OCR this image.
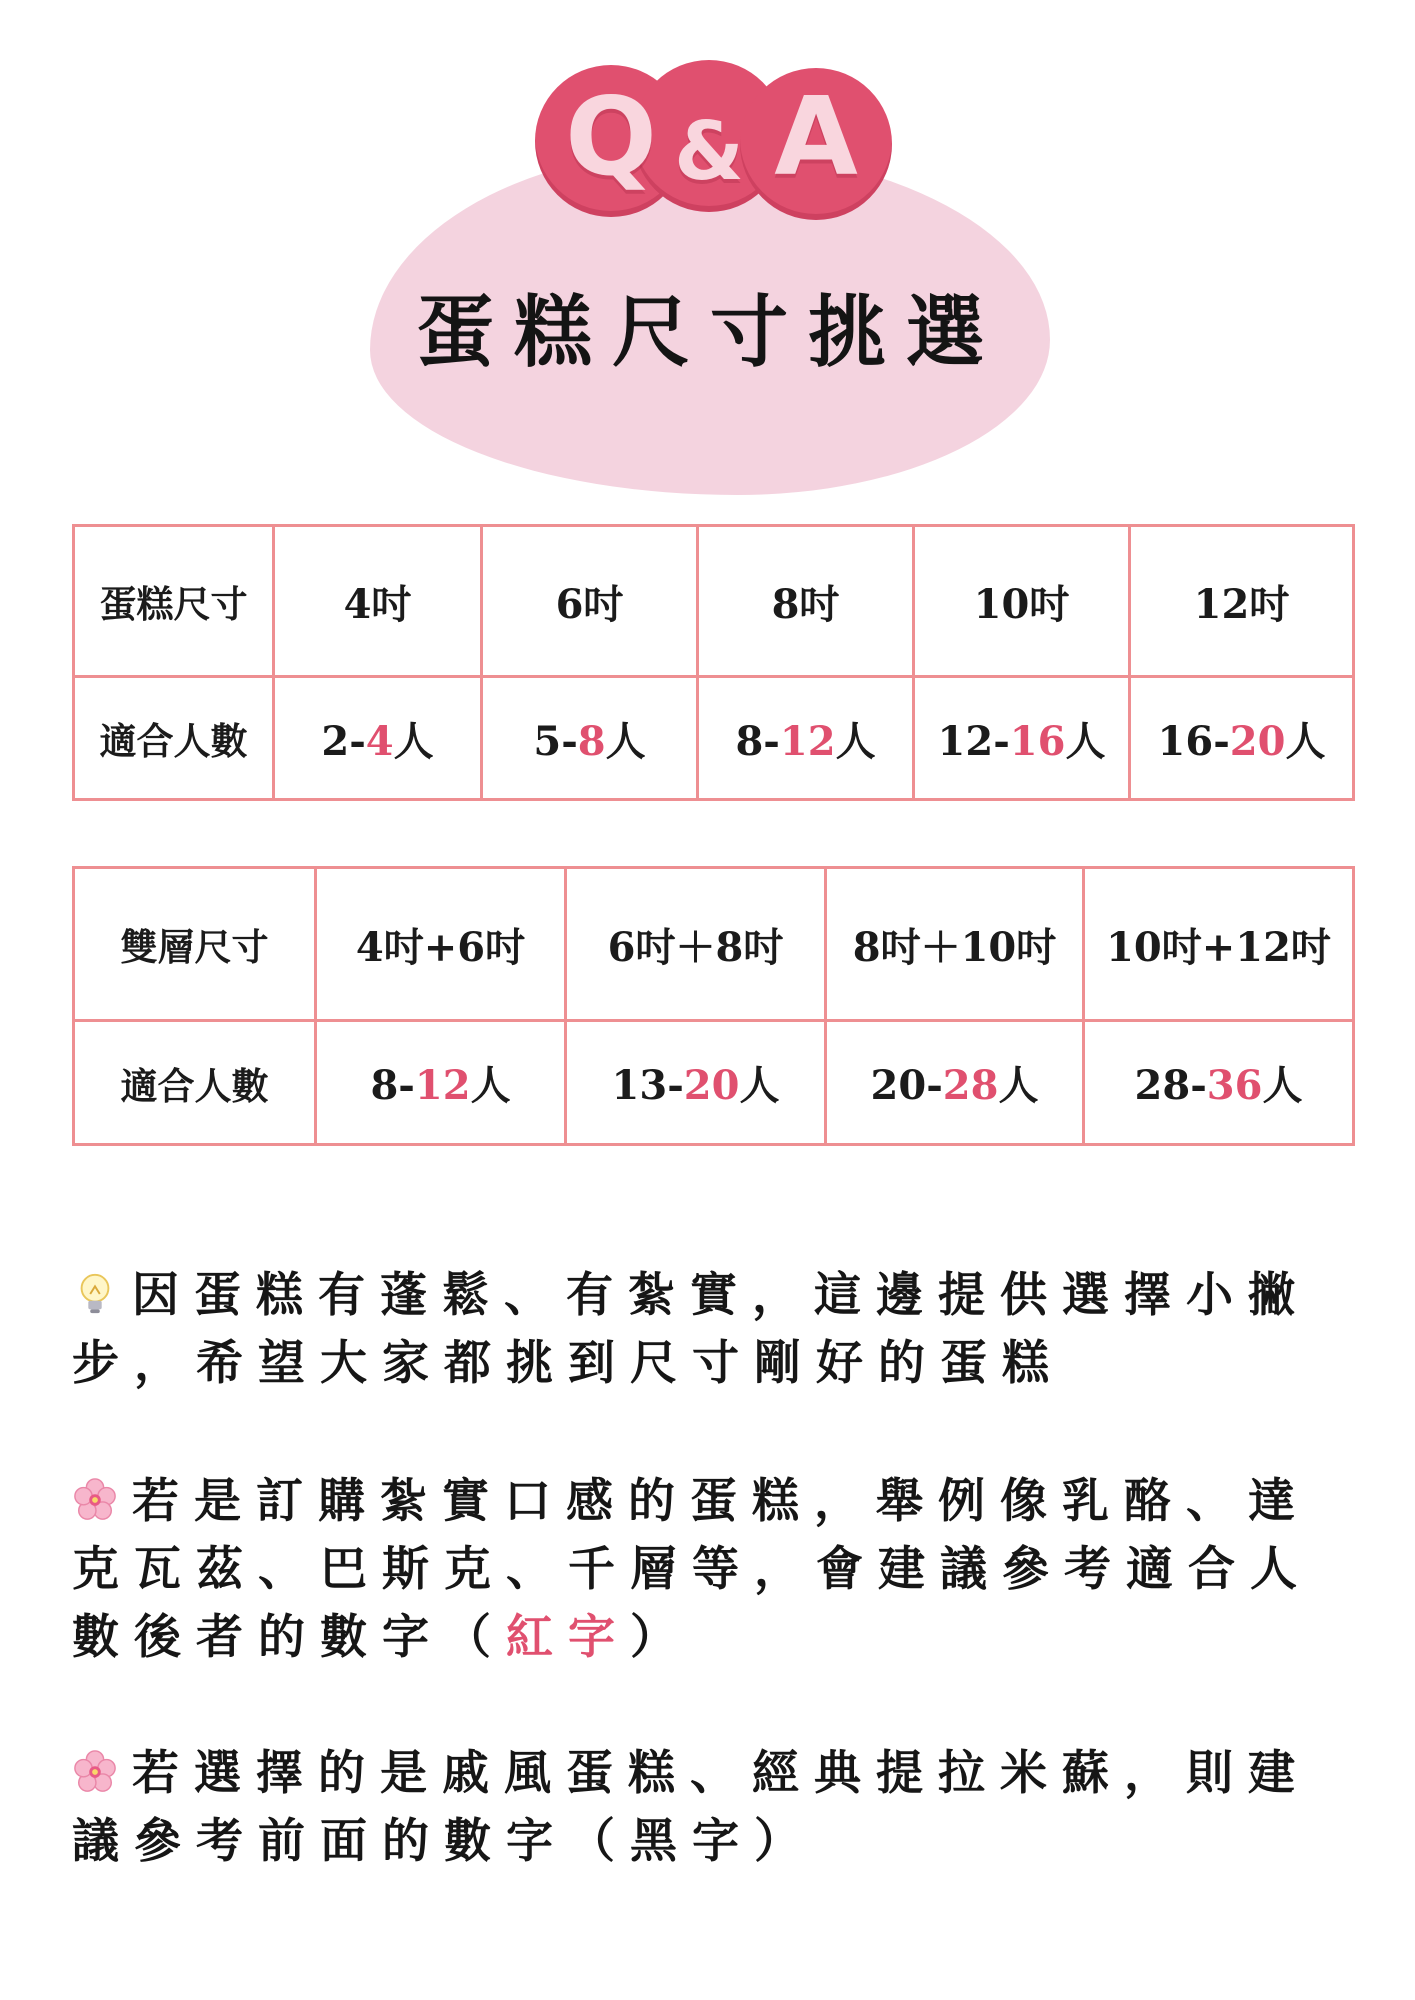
Q & A
蛋糕尺寸挑選
蛋糕尺寸	4吋	6吋	8吋	10吋	12吋
適合人數	2-4人	5-8人	8-12人	12-16人	16-20人
雙層尺寸	4吋+6吋	6吋＋8吋	8吋＋10吋	10吋+12吋
適合人數	8-12人	13-20人	20-28人	28-36人
因蛋糕有蓬鬆、有紮實，這邊提供選擇小撇步，希望大家都挑到尺寸剛好的蛋糕
若是訂購紮實口感的蛋糕，舉例像乳酪、達克瓦茲、巴斯克、千層等，會建議參考適合人數後者的數字（紅字）
若選擇的是戚風蛋糕、經典提拉米蘇，則建議參考前面的數字（黑字）
